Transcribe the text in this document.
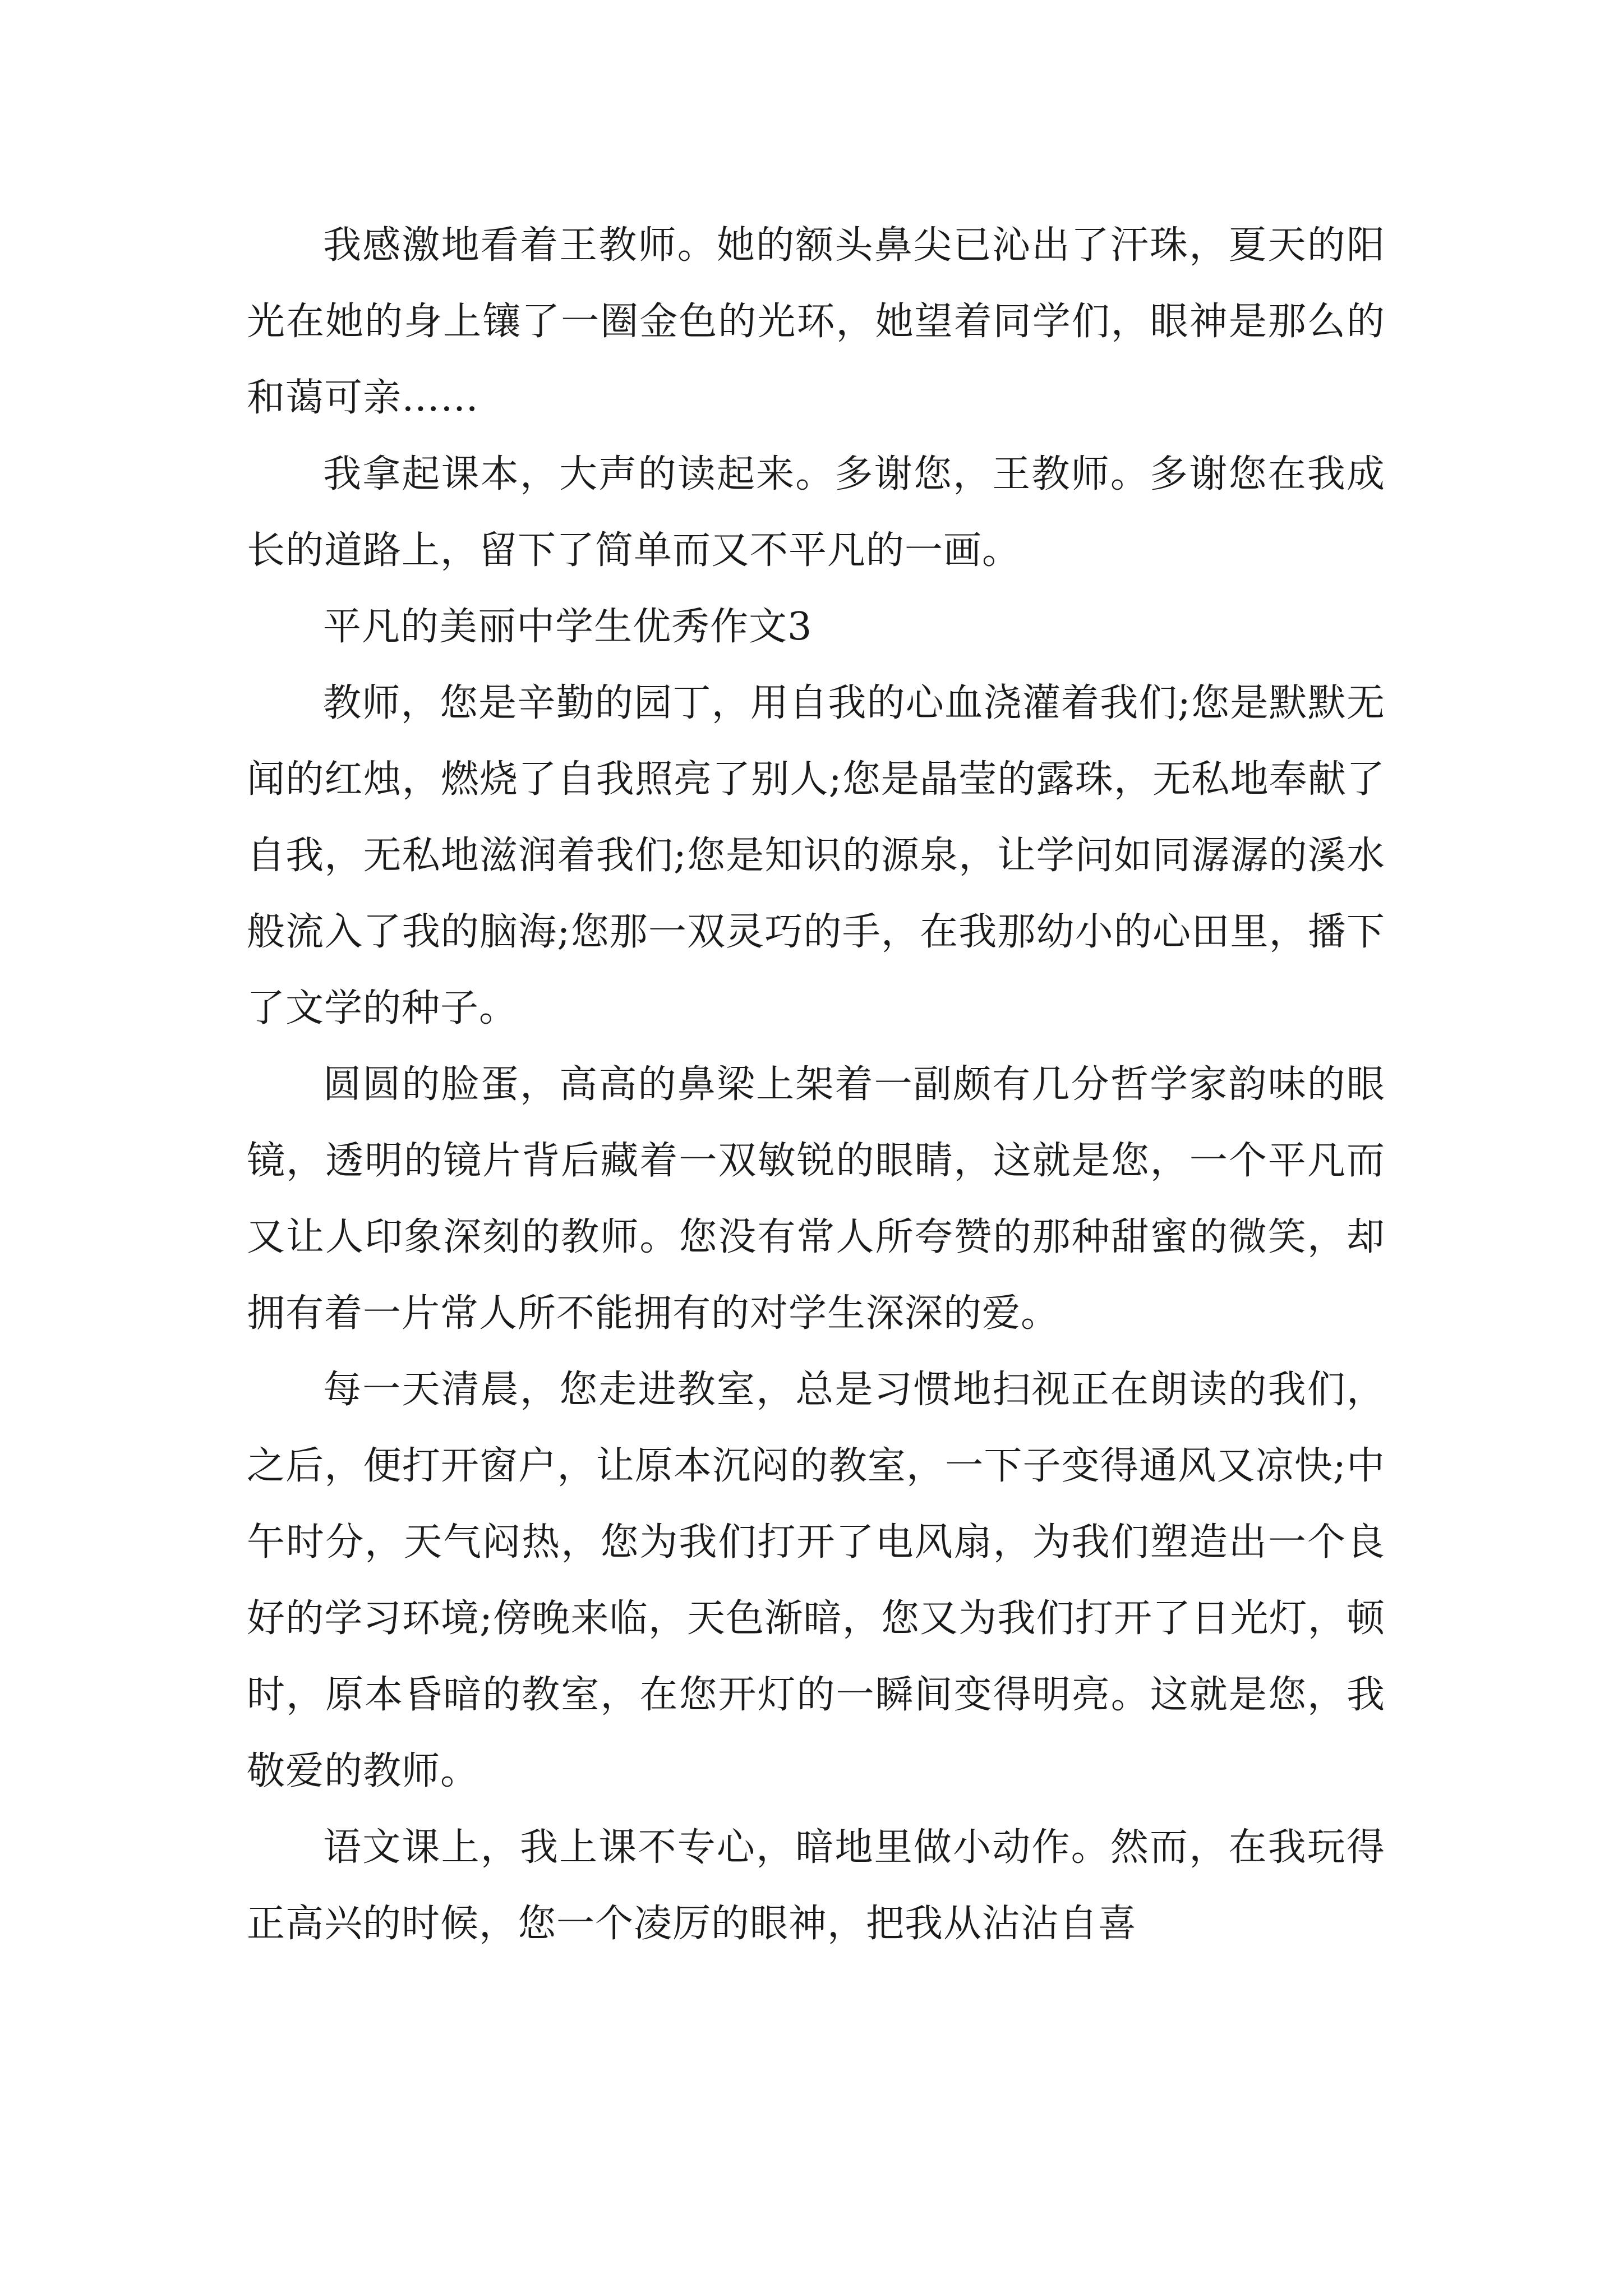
我感激地看着王教师。她的额头鼻尖已沁出了汗珠，夏天的阳光在她的身上镶了一圈金色的光环，她望着同学们，眼神是那么的和蔼可亲……

我拿起课本，大声的读起来。多谢您，王教师。多谢您在我成长的道路上，留下了简单而又不平凡的一画。

平凡的美丽中学生优秀作文3

教师，您是辛勤的园丁，用自我的心血浇灌着我们;您是默默无闻的红烛，燃烧了自我照亮了别人;您是晶莹的露珠，无私地奉献了自我，无私地滋润着我们;您是知识的源泉，让学问如同潺潺的溪水般流入了我的脑海;您那一双灵巧的手，在我那幼小的心田里，播下了文学的种子。

圆圆的脸蛋，高高的鼻梁上架着一副颇有几分哲学家韵味的眼镜，透明的镜片背后藏着一双敏锐的眼睛，这就是您，一个平凡而又让人印象深刻的教师。您没有常人所夸赞的那种甜蜜的微笑，却拥有着一片常人所不能拥有的对学生深深的爱。

每一天清晨，您走进教室，总是习惯地扫视正在朗读的我们，之后，便打开窗户，让原本沉闷的教室，一下子变得通风又凉快;中午时分，天气闷热，您为我们打开了电风扇，为我们塑造出一个良好的学习环境;傍晚来临，天色渐暗，您又为我们打开了日光灯，顿时，原本昏暗的教室，在您开灯的一瞬间变得明亮。这就是您，我敬爱的教师。

语文课上，我上课不专心，暗地里做小动作。然而，在我玩得正高兴的时候，您一个凌厉的眼神，把我从沾沾自喜
